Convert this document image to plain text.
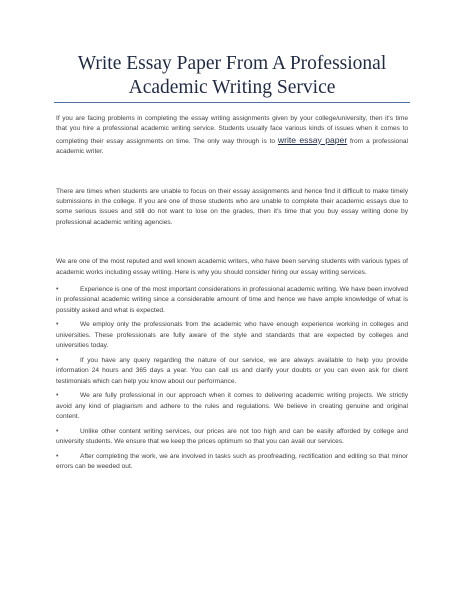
Write Essay Paper From A Professional
Academic Writing Service

If you are facing problems in completing the essay writing assignments given by your college/university, then it's time that you hire a professional academic writing service. Students usually face various kinds of issues when it comes to completing their essay assignments on time. The only way through is to write essay paper from a professional academic writer.

There are times when students are unable to focus on their essay assignments and hence find it difficult to make timely submissions in the college. If you are one of those students who are unable to complete their academic essays due to some serious issues and still do not want to lose on the grades, then it's time that you buy essay writing done by professional academic writing agencies.

We are one of the most reputed and well known academic writers, who have been serving students with various types of academic works including essay writing. Here is why you should consider hiring our essay writing services.

•	Experience is one of the most important considerations in professional academic writing. We have been involved in professional academic writing since a considerable amount of time and hence we have ample knowledge of what is possibly asked and what is expected.
•	We employ only the professionals from the academic who have enough experience working in colleges and universities. These professionals are fully aware of the style and standards that are expected by colleges and universities today.
•	If you have any query regarding the nature of our service, we are always available to help you provide information 24 hours and 365 days a year. You can call us and clarify your doubts or you can even ask for client testimonials which can help you know about our performance.
•	We are fully professional in our approach when it comes to delivering academic writing projects. We strictly avoid any kind of plagiarism and adhere to the rules and regulations. We believe in creating genuine and original content.
•	Unlike other content writing services, our prices are not too high and can be easily afforded by college and university students. We ensure that we keep the prices optimum so that you can avail our services.
•	After completing the work, we are involved in tasks such as proofreading, rectification and editing so that minor errors can be weeded out.
